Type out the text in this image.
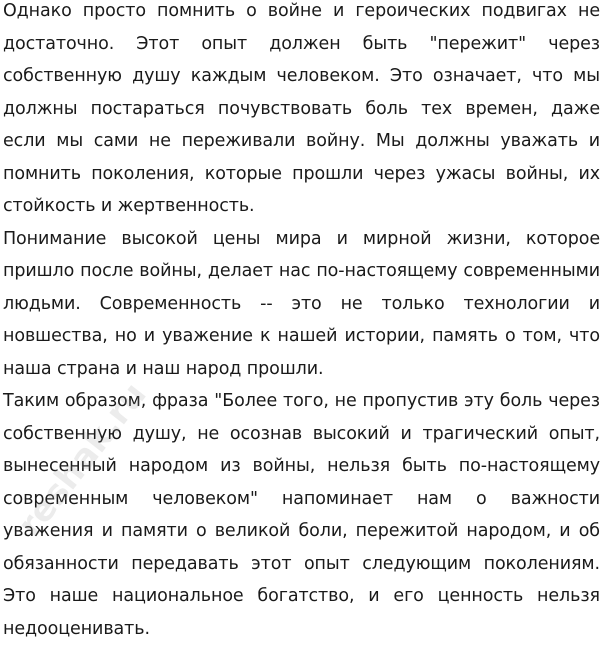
Однако просто помнить о войне и героических подвигах не достаточно. Этот опыт должен быть "пережит" через собственную душу каждым человеком. Это означает, что мы должны постараться почувствовать боль тех времен, даже если мы сами не переживали войну. Мы должны уважать и помнить поколения, которые прошли через ужасы войны, их стойкость и жертвенность.

Понимание высокой цены мира и мирной жизни, которое пришло после войны, делает нас по-настоящему современными людьми. Современность -- это не только технологии и новшества, но и уважение к нашей истории, память о том, что наша страна и наш народ прошли.

Таким образом, фраза "Более того, не пропустив эту боль через собственную душу, не осознав высокий и трагический опыт, вынесенный народом из войны, нельзя быть по-настоящему современным человеком" напоминает нам о важности уважения и памяти о великой боли, пережитой народом, и об обязанности передавать этот опыт следующим поколениям. Это наше национальное богатство, и его ценность нельзя недооценивать.

reshak.ru
